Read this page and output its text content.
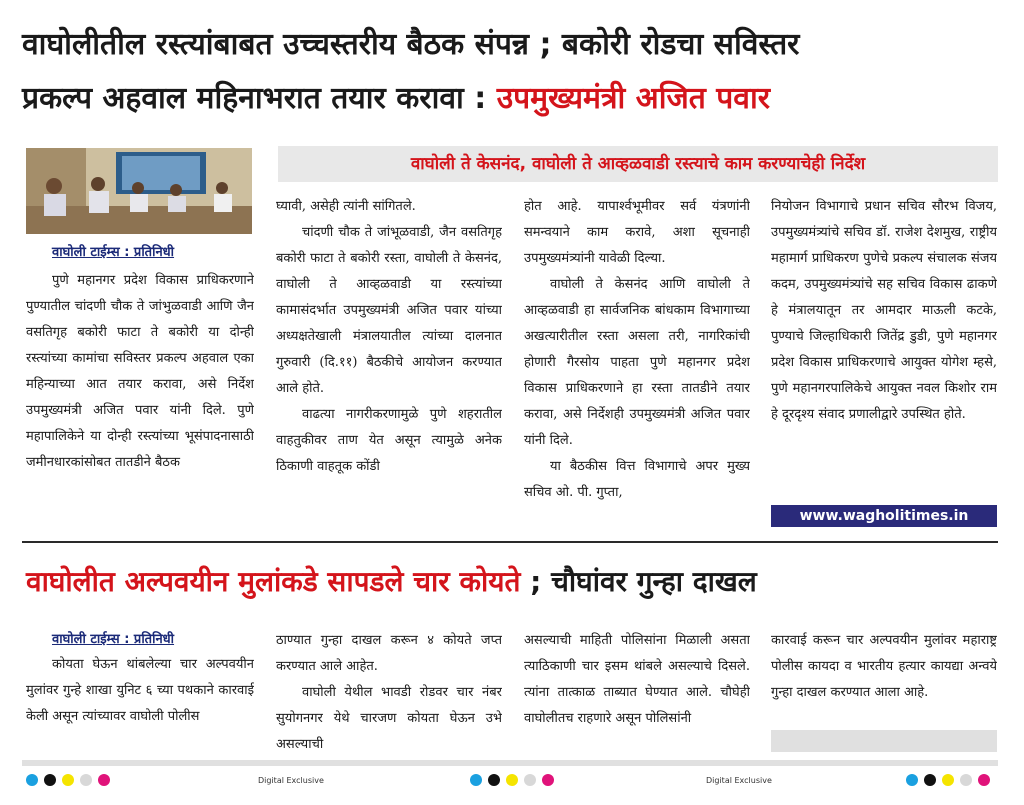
वाघोलीतील रस्त्यांबाबत उच्चस्तरीय बैठक संपन्न ; बकोरी रोडचा सविस्तर
प्रकल्प अहवाल महिनाभरात तयार करावा : उपमुख्यमंत्री अजित पवार
वाघोली ते केसनंद, वाघोली ते आव्हळवाडी रस्त्याचे काम करण्याचेही निर्देश
वाघोली टाईम्स : प्रतिनिधी

पुणे महानगर प्रदेश विकास प्राधिकरणाने पुण्यातील चांदणी चौक ते जांभुळवाडी आणि जैन वसतिगृह बकोरी फाटा ते बकोरी या दोन्ही रस्त्यांच्या कामांचा सविस्तर प्रकल्प अहवाल एका महिन्याच्या आत तयार करावा, असे निर्देश उपमुख्यमंत्री अजित पवार यांनी दिले. पुणे महापालिकेने या दोन्ही रस्त्यांच्या भूसंपादनासाठी जमीनधारकांसोबत तातडीने बैठक

घ्यावी, असेही त्यांनी सांगितले.

चांदणी चौक ते जांभूळवाडी, जैन वसतिगृह बकोरी फाटा ते बकोरी रस्ता, वाघोली ते केसनंद, वाघोली ते आव्हळवाडी या रस्त्यांच्या कामासंदर्भात उपमुख्यमंत्री अजित पवार यांच्या अध्यक्षतेखाली मंत्रालयातील त्यांच्या दालनात गुरुवारी (दि.११) बैठकीचे आयोजन करण्यात आले होते.

वाढत्या नागरीकरणामुळे पुणे शहरातील वाहतुकीवर ताण येत असून त्यामुळे अनेक ठिकाणी वाहतूक कोंडी

होत आहे. यापार्श्वभूमीवर सर्व यंत्रणांनी समन्वयाने काम करावे, अशा सूचनाही उपमुख्यमंत्र्यांनी यावेळी दिल्या.

वाघोली ते केसनंद आणि वाघोली ते आव्हळवाडी हा सार्वजनिक बांधकाम विभागाच्या अखत्यारीतील रस्ता असला तरी, नागरिकांची होणारी गैरसोय पाहता पुणे महानगर प्रदेश विकास प्राधिकरणाने हा रस्ता तातडीने तयार करावा, असे निर्देशही उपमुख्यमंत्री अजित पवार यांनी दिले.

या बैठकीस वित्त विभागाचे अपर मुख्य सचिव ओ. पी. गुप्ता,

नियोजन विभागाचे प्रधान सचिव सौरभ विजय, उपमुख्यमंत्र्यांचे सचिव डॉ. राजेश देशमुख, राष्ट्रीय महामार्ग प्राधिकरण पुणेचे प्रकल्प संचालक संजय कदम, उपमुख्यमंत्र्यांचे सह सचिव विकास ढाकणे हे मंत्रालयातून तर आमदार माऊली कटके, पुण्याचे जिल्हाधिकारी जितेंद्र डुडी, पुणे महानगर प्रदेश विकास प्राधिकरणाचे आयुक्त योगेश म्हसे, पुणे महानगरपालिकेचे आयुक्त नवल किशोर राम हे दूरदृश्य संवाद प्रणालीद्वारे उपस्थित होते.

www.wagholitimes.in
वाघोलीत अल्पवयीन मुलांकडे सापडले चार कोयते ; चौघांवर गुन्हा दाखल
वाघोली टाईम्स : प्रतिनिधी

कोयता घेऊन थांबलेल्या चार अल्पवयीन मुलांवर गुन्हे शाखा युनिट ६ च्या पथकाने कारवाई केली असून त्यांच्यावर वाघोली पोलीस

ठाण्यात गुन्हा दाखल करून ४ कोयते जप्त करण्यात आले आहेत.

वाघोली येथील भावडी रोडवर चार नंबर सुयोगनगर येथे चारजण कोयता घेऊन उभे असल्याची

असल्याची माहिती पोलिसांना मिळाली असता त्याठिकाणी चार इसम थांबले असल्याचे दिसले. त्यांना तात्काळ ताब्यात घेण्यात आले. चौघेही वाघोलीतच राहणारे असून पोलिसांनी

कारवाई करून चार अल्पवयीन मुलांवर महाराष्ट्र पोलीस कायदा व भारतीय हत्यार कायद्या अन्वये गुन्हा दाखल करण्यात आला आहे.

Digital Exclusive	Digital Exclusive
